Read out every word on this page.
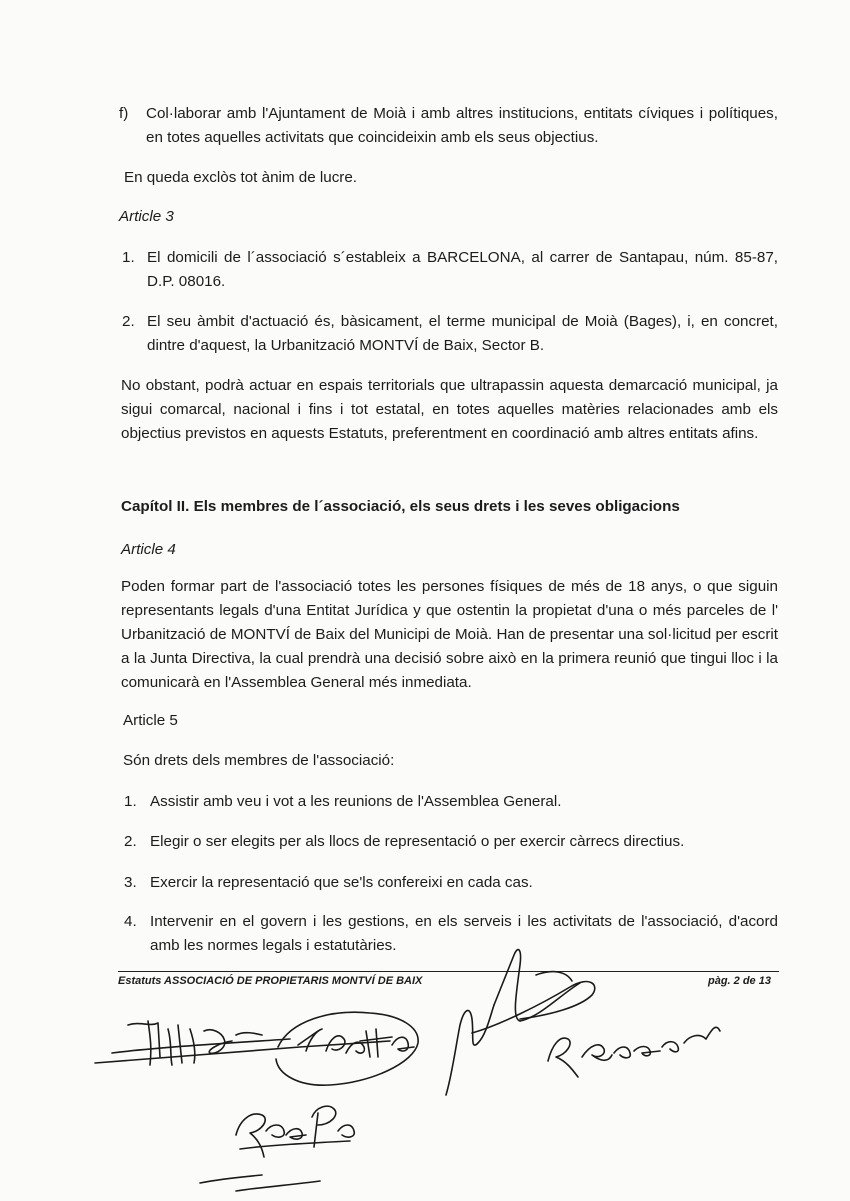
f) Col·laborar amb l'Ajuntament de Moià i amb altres institucions, entitats cíviques i polítiques, en totes aquelles activitats que coincideixin amb els seus objectius.

En queda exclòs tot ànim de lucre.

Article 3

1. El domicili de l´associació s´estableix a BARCELONA, al carrer de Santapau, núm. 85-87, D.P. 08016.

2. El seu àmbit d'actuació és, bàsicament, el terme municipal de Moià (Bages), i, en concret, dintre d'aquest, la Urbanització MONTVÍ de Baix, Sector B.

No obstant, podrà actuar en espais territorials que ultrapassin aquesta demarcació municipal, ja sigui comarcal, nacional i fins i tot estatal, en totes aquelles matèries relacionades amb els objectius previstos en aquests Estatuts, preferentment en coordinació amb altres entitats afins.

Capítol II. Els membres de l´associació, els seus drets i les seves obligacions

Article 4

Poden formar part de l'associació totes les persones físiques de més de 18 anys, o que siguin representants legals d'una Entitat Jurídica y que ostentin la propietat d'una o més parceles de l' Urbanització de MONTVÍ de Baix del Municipi de Moià. Han de presentar una sol·licitud per escrit a la Junta Directiva, la cual prendrà una decisió sobre això en la primera reunió que tingui lloc i la comunicarà en l'Assemblea General més inmediata.

Article 5

Són drets dels membres de l'associació:

1. Assistir amb veu i vot a les reunions de l'Assemblea General.

2. Elegir o ser elegits per als llocs de representació o per exercir càrrecs directius.

3. Exercir la representació que se'ls confereixi en cada cas.

4. Intervenir en el govern i les gestions, en els serveis i les activitats de l'associació, d'acord amb les normes legals i estatutàries.

Estatuts ASSOCIACIÓ DE PROPIETARIS MONTVÍ DE BAIX	pàg. 2 de 13
